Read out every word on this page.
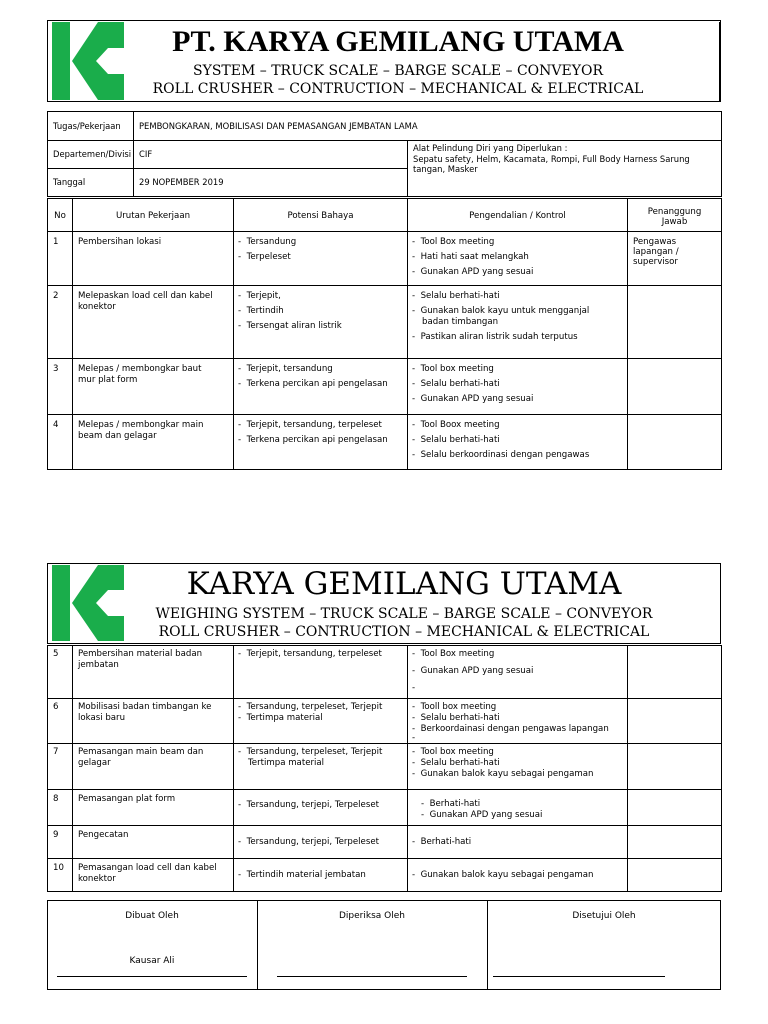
PT. KARYA GEMILANG UTAMA
SYSTEM – TRUCK SCALE – BARGE SCALE – CONVEYOR
ROLL CRUSHER – CONTRUCTION – MECHANICAL & ELECTRICAL
Tugas/Pekerjaan	PEMBONGKARAN, MOBILISASI DAN PEMASANGAN JEMBATAN LAMA	
Departemen/Divisi	CIF	Alat Pelindung Diri yang Diperlukan :
Sepatu safety, Helm, Kacamata, Rompi, Full Body Harness Sarung
tangan, Masker

Tanggal	29 NOPEMBER 2019	
No	Urutan Pekerjaan	Potensi Bahaya	Pengendalian / Kontrol	Penanggung
Jawab

1	Pembersihan lokasi	- Tersandung
- Terpeleset	- Tool Box meeting
- Hati hati saat melangkah
- Gunakan APD yang sesuai	Pengawas
lapangan /
supervisor

2	Melepaskan load cell dan kabel
konektor	- Terjepit,
- Tertindih
- Tersengat aliran listrik	- Selalu berhati-hati
- Gunakan balok kayu untuk mengganjal
badan timbangan
- Pastikan aliran listrik sudah terputus

3	Melepas / membongkar baut
mur plat form	- Terjepit, tersandung
- Terkena percikan api pengelasan	- Tool box meeting
- Selalu berhati-hati
- Gunakan APD yang sesuai

4	Melepas / membongkar main
beam dan gelagar	- Terjepit, tersandung, terpeleset
- Terkena percikan api pengelasan	- Tool Boox meeting
- Selalu berhati-hati
- Selalu berkoordinasi dengan pengawas

KARYA GEMILANG UTAMA
WEIGHING SYSTEM – TRUCK SCALE – BARGE SCALE – CONVEYOR
ROLL CRUSHER – CONTRUCTION – MECHANICAL & ELECTRICAL
5	Pembersihan material badan
jembatan	- Terjepit, tersandung, terpeleset	- Tool Box meeting
- Gunakan APD yang sesuai
-

6	Mobilisasi badan timbangan ke
lokasi baru	- Tersandung, terpeleset, Terjepit
- Tertimpa material	- Tooll box meeting
- Selalu berhati-hati
- Berkoordainasi dengan pengawas lapangan
-

7	Pemasangan main beam dan
gelagar	- Tersandung, terpeleset, Terjepit
Tertimpa material	- Tool box meeting
- Selalu berhati-hati
- Gunakan balok kayu sebagai pengaman

8	Pemasangan plat form	- Tersandung, terjepi, Terpeleset	- Berhati-hati
- Gunakan APD yang sesuai

9	Pengecatan	- Tersandung, terjepi, Terpeleset	- Berhati-hati

10	Pemasangan load cell dan kabel
konektor	- Tertindih material jembatan	- Gunakan balok kayu sebagai pengaman

Dibuat Oleh
Kausar Ali
Diperiksa Oleh	Disetujui Oleh
